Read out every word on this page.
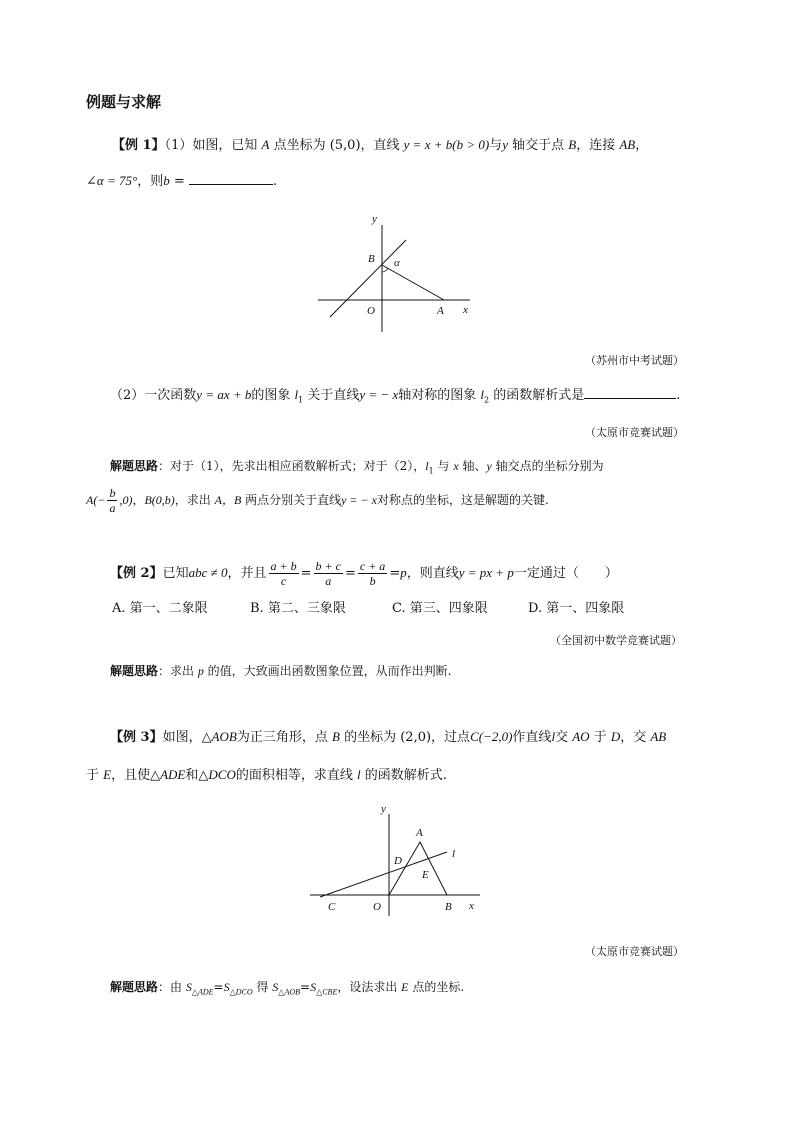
例题与求解
【例 1】（1）如图，已知 A 点坐标为 (5,0)，直线 y = x + b(b > 0)与y 轴交于点 B，连接 AB，
∠α = 75°，则b =	.
y
B α
O	A x
（苏州市中考试题）
（2）一次函数y = ax + b的图象 $l_1$ 关于直线y = − x轴对称的图象 $l_2$ 的函数解析式是	.
（太原市竞赛试题）
解题思路：对于（1），先求出相应函数解析式；对于（2），$l_1$ 与 x 轴、y 轴交点的坐标分别为
$A(- \frac{b}{a} ,0)$，B(0,b)，求出 A，B 两点分别关于直线y = − x对称点的坐标，这是解题的关键.
【例 2】已知abc ≠ 0，并且 $\frac{a + b}{c} = \frac{b + c}{a} = \frac{c + a}{b} =p$，则直线y = px + p一定通过（　　）
A. 第一、二象限	B. 第二、三象限	C. 第三、四象限	D. 第一、四象限
（全国初中数学竞赛试题）
解题思路：求出 p 的值，大致画出函数图象位置，从而作出判断.
【例 3】如图，△AOB为正三角形，点 B 的坐标为 (2,0)，过点C(−2,0)作直线l交 AO 于 D，交 AB
于 E，且使△ADE和△DCO的面积相等，求直线 l 的函数解析式.
y
A
D
l
E
C	O	B x
（太原市竞赛试题）
解题思路：由 $S_{\triangle ADE}=S_{\triangle DCO}$ 得 $S_{\triangle AOB}=S_{\triangle CBE}$，设法求出 E 点的坐标.
